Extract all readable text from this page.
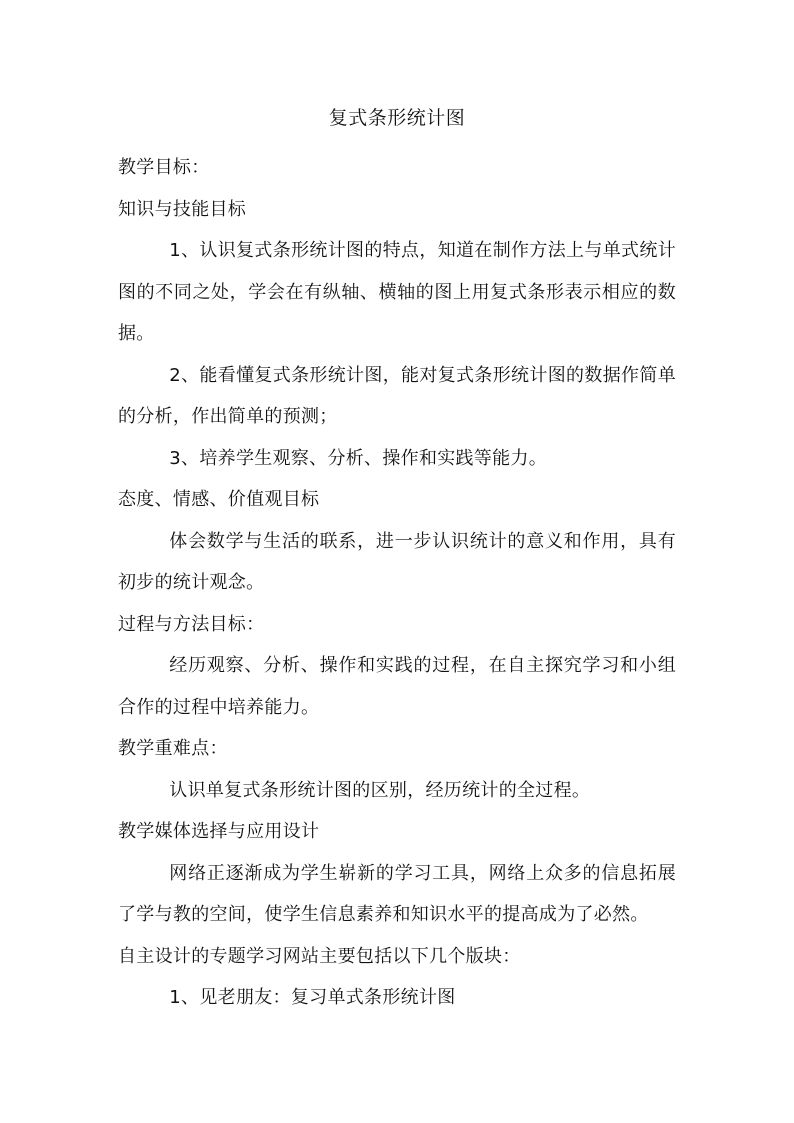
复式条形统计图

教学目标：

知识与技能目标

1、认识复式条形统计图的特点，知道在制作方法上与单式统计图的不同之处，学会在有纵轴、横轴的图上用复式条形表示相应的数据。

2、能看懂复式条形统计图，能对复式条形统计图的数据作简单的分析，作出简单的预测；

3、培养学生观察、分析、操作和实践等能力。

态度、情感、价值观目标

体会数学与生活的联系，进一步认识统计的意义和作用，具有初步的统计观念。

过程与方法目标：

经历观察、分析、操作和实践的过程，在自主探究学习和小组合作的过程中培养能力。

教学重难点：

认识单复式条形统计图的区别，经历统计的全过程。

教学媒体选择与应用设计

网络正逐渐成为学生崭新的学习工具，网络上众多的信息拓展了学与教的空间，使学生信息素养和知识水平的提高成为了必然。

自主设计的专题学习网站主要包括以下几个版块：

1、见老朋友：复习单式条形统计图
